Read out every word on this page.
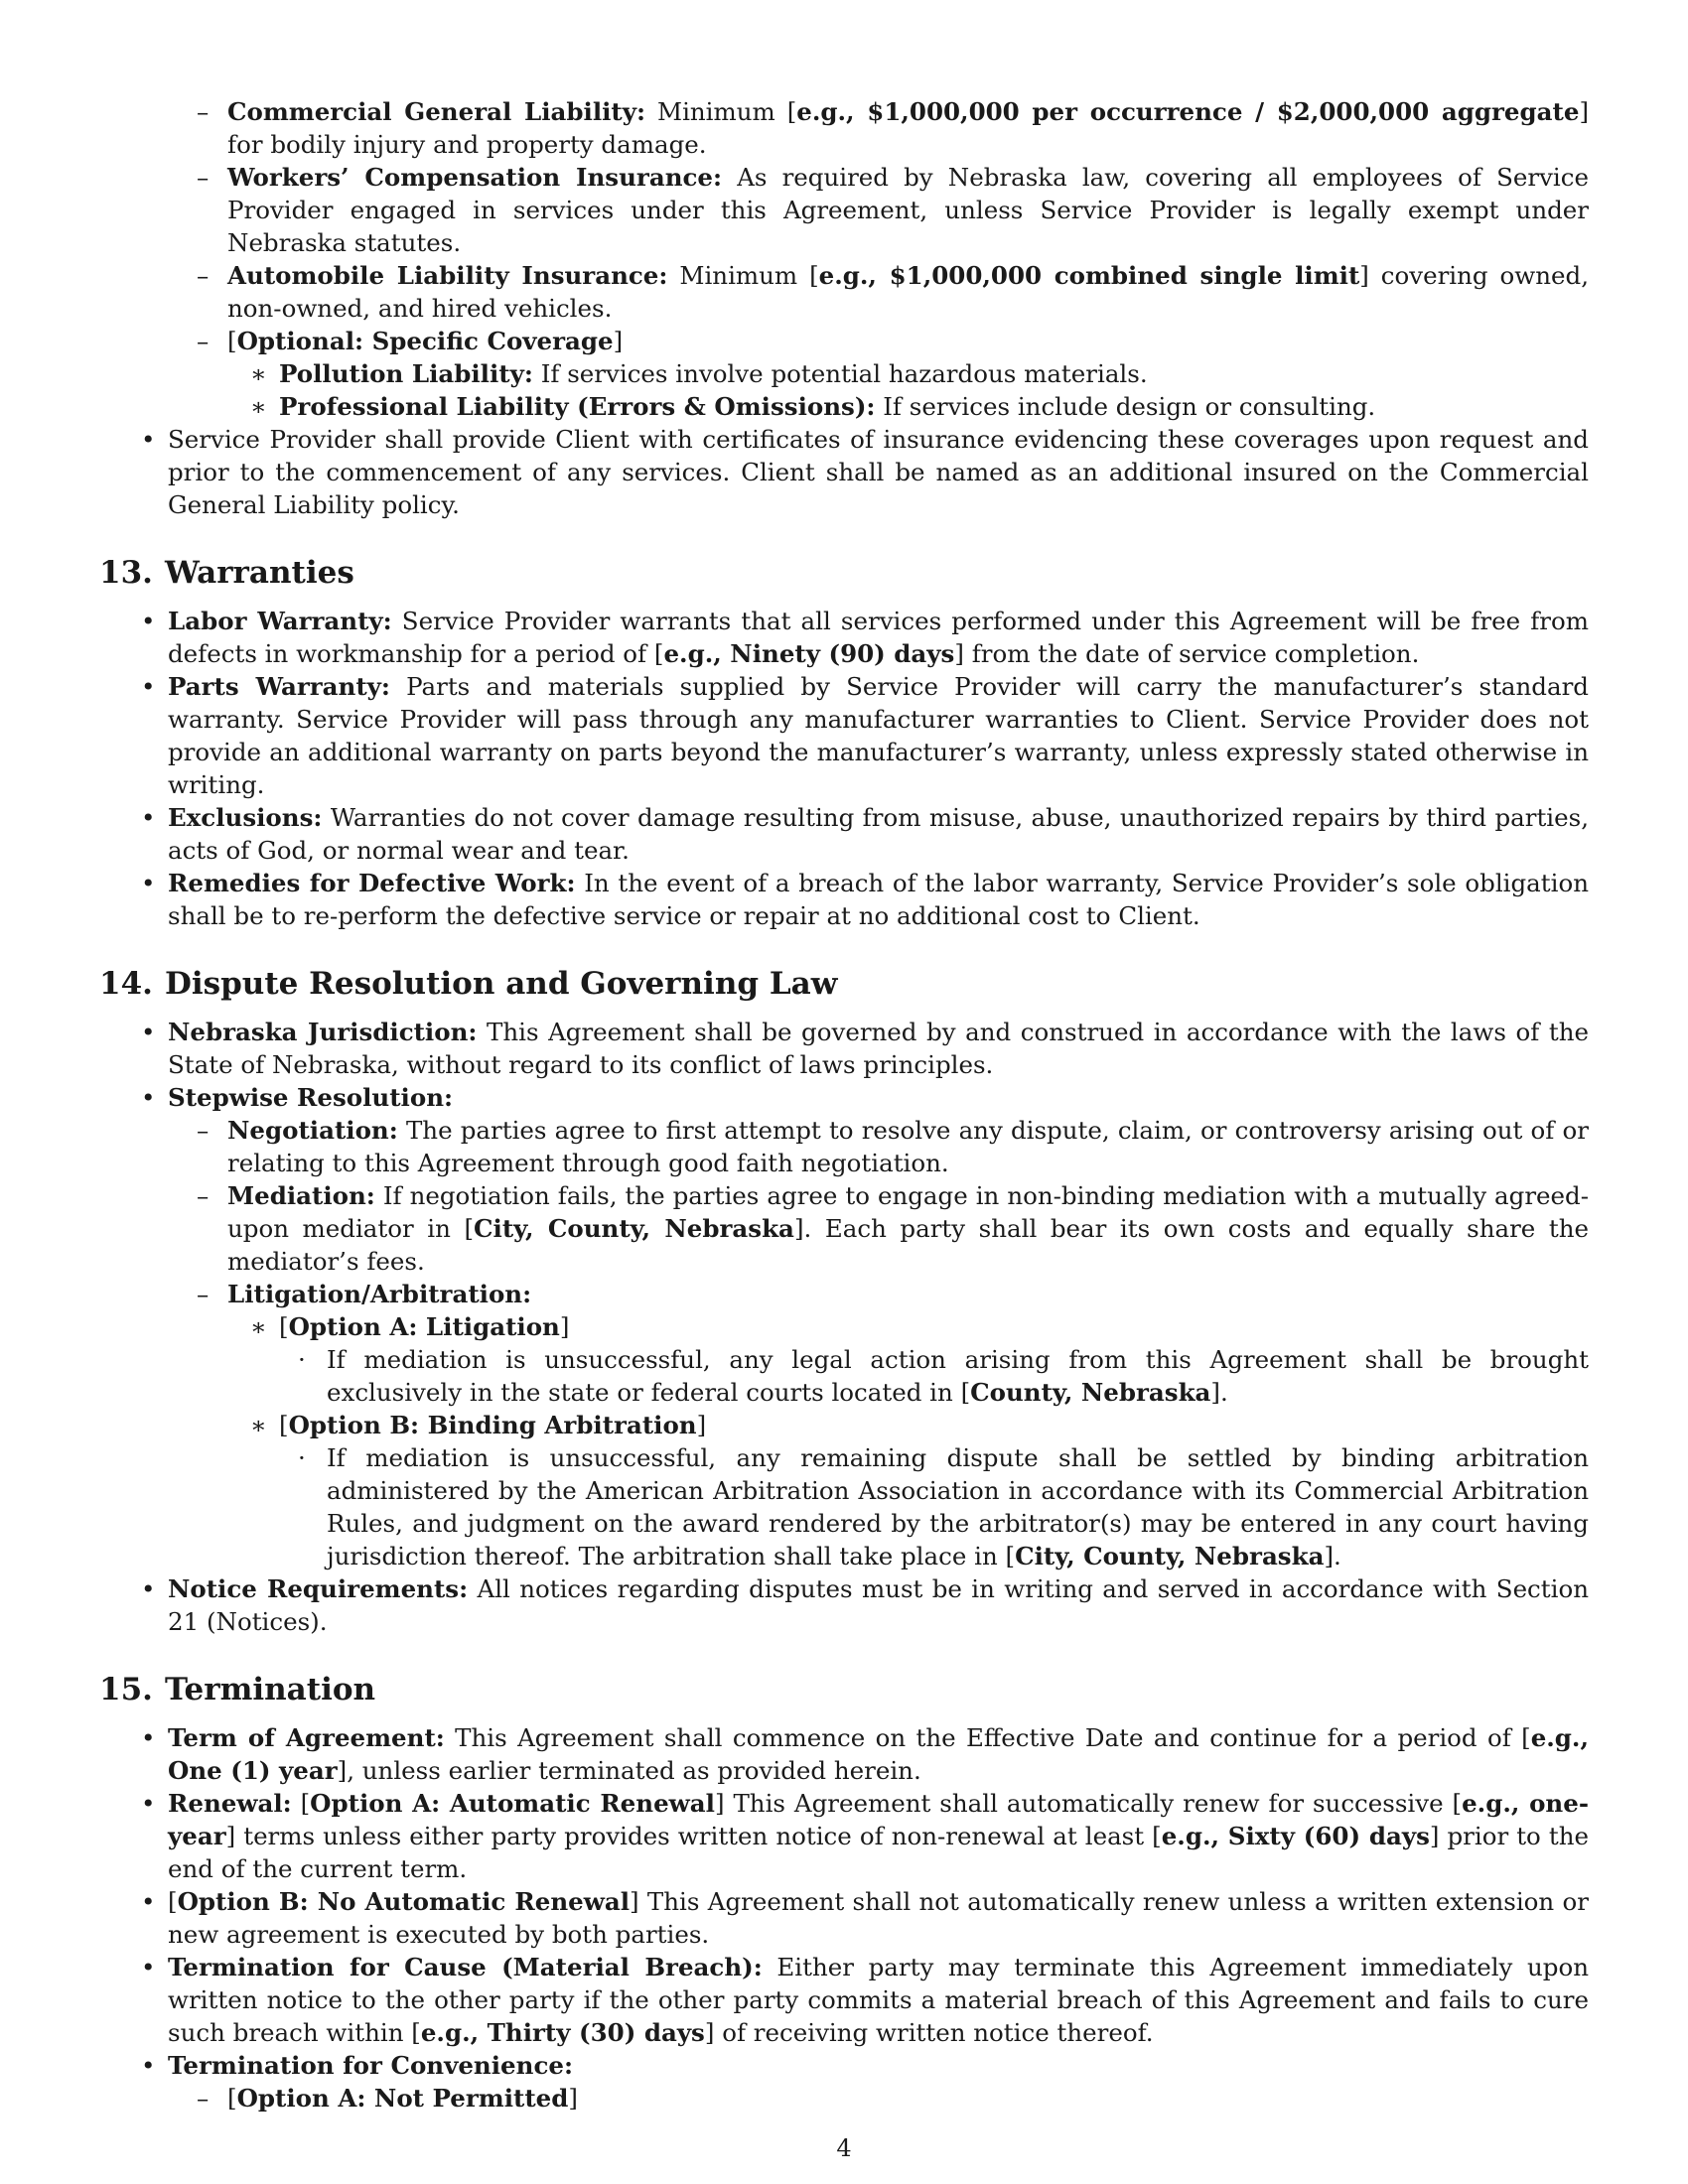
– Commercial General Liability: Minimum [e.g., $1,000,000 per occurrence / $2,000,000 aggregate] for bodily injury and property damage.
– Workers’ Compensation Insurance: As required by Nebraska law, covering all employees of Service Provider engaged in services under this Agreement, unless Service Provider is legally exempt under Nebraska statutes.
– Automobile Liability Insurance: Minimum [e.g., $1,000,000 combined single limit] covering owned, non-owned, and hired vehicles.
– [Optional: Specific Coverage]
∗ Pollution Liability: If services involve potential hazardous materials.
∗ Professional Liability (Errors & Omissions): If services include design or consulting.
• Service Provider shall provide Client with certificates of insurance evidencing these coverages upon request and prior to the commencement of any services. Client shall be named as an additional insured on the Commercial General Liability policy.
13. Warranties
• Labor Warranty: Service Provider warrants that all services performed under this Agreement will be free from defects in workmanship for a period of [e.g., Ninety (90) days] from the date of service completion.
• Parts Warranty: Parts and materials supplied by Service Provider will carry the manufacturer’s standard warranty. Service Provider will pass through any manufacturer warranties to Client. Service Provider does not provide an additional warranty on parts beyond the manufacturer’s warranty, unless expressly stated otherwise in writing.
• Exclusions: Warranties do not cover damage resulting from misuse, abuse, unauthorized repairs by third parties, acts of God, or normal wear and tear.
• Remedies for Defective Work: In the event of a breach of the labor warranty, Service Provider’s sole obligation shall be to re-perform the defective service or repair at no additional cost to Client.
14. Dispute Resolution and Governing Law
• Nebraska Jurisdiction: This Agreement shall be governed by and construed in accordance with the laws of the State of Nebraska, without regard to its conflict of laws principles.
• Stepwise Resolution:
– Negotiation: The parties agree to first attempt to resolve any dispute, claim, or controversy arising out of or relating to this Agreement through good faith negotiation.
– Mediation: If negotiation fails, the parties agree to engage in non-binding mediation with a mutually agreed-upon mediator in [City, County, Nebraska]. Each party shall bear its own costs and equally share the mediator’s fees.
– Litigation/Arbitration:
∗ [Option A: Litigation]
· If mediation is unsuccessful, any legal action arising from this Agreement shall be brought exclusively in the state or federal courts located in [County, Nebraska].
∗ [Option B: Binding Arbitration]
· If mediation is unsuccessful, any remaining dispute shall be settled by binding arbitration administered by the American Arbitration Association in accordance with its Commercial Arbitration Rules, and judgment on the award rendered by the arbitrator(s) may be entered in any court having jurisdiction thereof. The arbitration shall take place in [City, County, Nebraska].
• Notice Requirements: All notices regarding disputes must be in writing and served in accordance with Section 21 (Notices).
15. Termination
• Term of Agreement: This Agreement shall commence on the Effective Date and continue for a period of [e.g., One (1) year], unless earlier terminated as provided herein.
• Renewal: [Option A: Automatic Renewal] This Agreement shall automatically renew for successive [e.g., one-year] terms unless either party provides written notice of non-renewal at least [e.g., Sixty (60) days] prior to the end of the current term.
• [Option B: No Automatic Renewal] This Agreement shall not automatically renew unless a written extension or new agreement is executed by both parties.
• Termination for Cause (Material Breach): Either party may terminate this Agreement immediately upon written notice to the other party if the other party commits a material breach of this Agreement and fails to cure such breach within [e.g., Thirty (30) days] of receiving written notice thereof.
• Termination for Convenience:
– [Option A: Not Permitted]
4
